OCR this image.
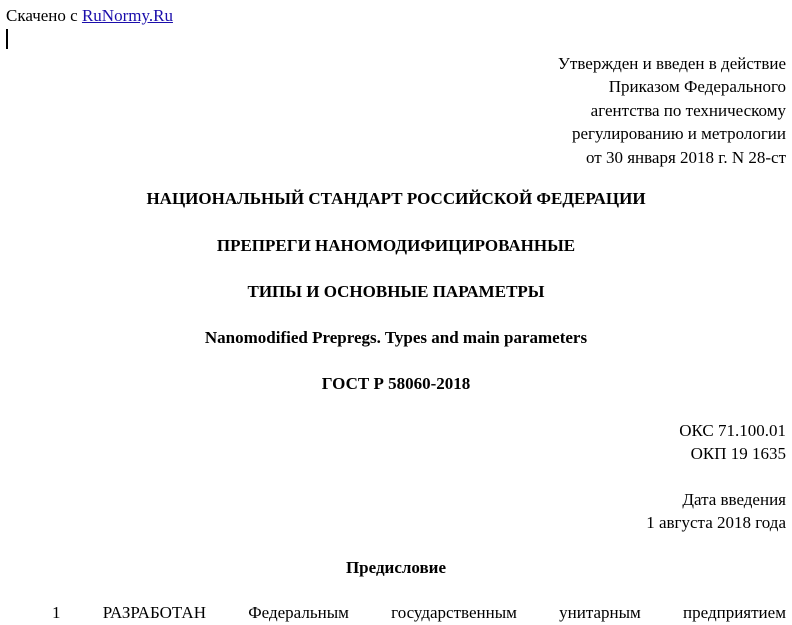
Скачено с RuNormy.Ru
Утвержден и введен в действие
Приказом Федерального
агентства по техническому
регулированию и метрологии
от 30 января 2018 г. N 28-ст
НАЦИОНАЛЬНЫЙ СТАНДАРТ РОССИЙСКОЙ ФЕДЕРАЦИИ
ПРЕПРЕГИ НАНОМОДИФИЦИРОВАННЫЕ
ТИПЫ И ОСНОВНЫЕ ПАРАМЕТРЫ
Nanomodified Prepregs. Types and main parameters
ГОСТ Р 58060-2018
ОКС 71.100.01
ОКП 19 1635
Дата введения
1 августа 2018 года
Предисловие
1 РАЗРАБОТАН Федеральным государственным унитарным предприятием
